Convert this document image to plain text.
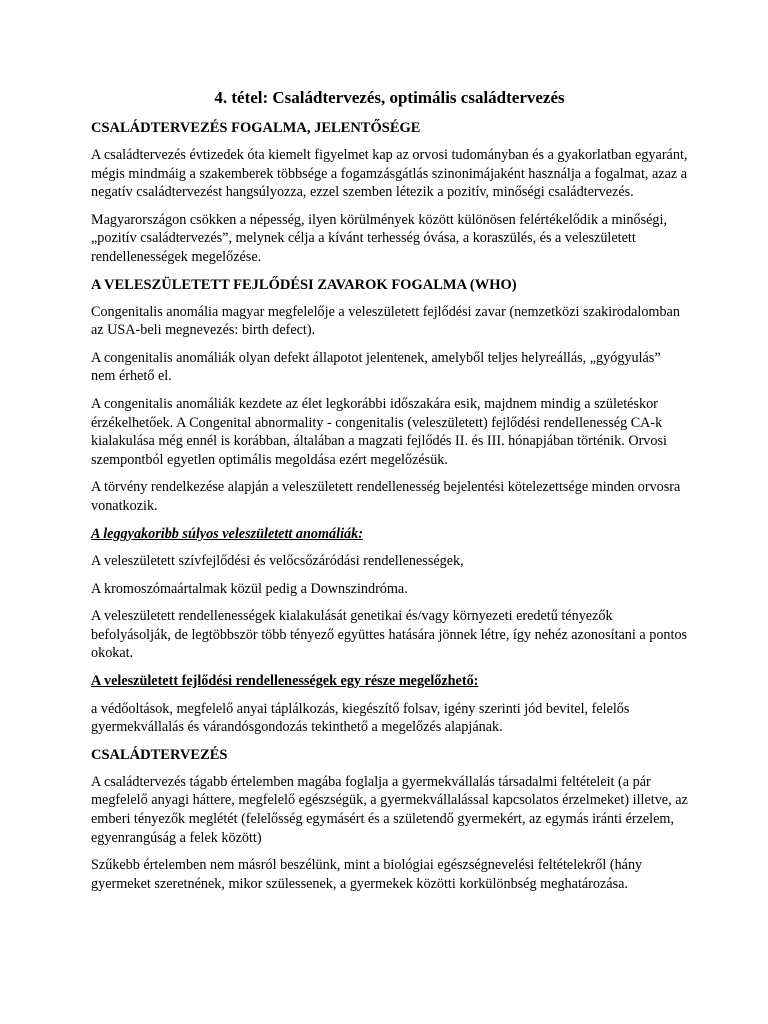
4. tétel: Családtervezés, optimális családtervezés
CSALÁDTERVEZÉS FOGALMA, JELENTŐSÉGE
A családtervezés évtizedek óta kiemelt figyelmet kap az orvosi tudományban és a gyakorlatban egyaránt, mégis mindmáig a szakemberek többsége a fogamzásgátlás szinonimájaként használja a fogalmat, azaz a negatív családtervezést hangsúlyozza, ezzel szemben létezik a pozitív, minőségi családtervezés.
Magyarországon csökken a népesség, ilyen körülmények között különösen felértékelődik a minőségi, „pozitív családtervezés”, melynek célja a kívánt terhesség óvása, a koraszülés, és a veleszületett rendellenességek megelőzése.
A VELESZÜLETETT FEJLŐDÉSI ZAVAROK FOGALMA (WHO)
Congenitalis anomália magyar megfelelője a veleszületett fejlődési zavar (nemzetközi szakirodalomban az USA-beli megnevezés: birth defect).
A congenitalis anomáliák olyan defekt állapotot jelentenek, amelyből teljes helyreállás, „gyógyulás” nem érhető el.
A congenitalis anomáliák kezdete az élet legkorábbi időszakára esik, majdnem mindig a születéskor érzékelhetőek. A Congenital abnormality - congenitalis (veleszületett) fejlődési rendellenesség CA-k kialakulása még ennél is korábban, általában a magzati fejlődés II. és III. hónapjában történik. Orvosi szempontból egyetlen optimális megoldása ezért megelőzésük.
A törvény rendelkezése alapján a veleszületett rendellenesség bejelentési kötelezettsége minden orvosra vonatkozik.
A leggyakoribb súlyos veleszületett anomáliák:
A veleszületett szívfejlődési és velőcsőzáródási rendellenességek,
A kromoszómaártalmak közül pedig a Downszindróma.
A veleszületett rendellenességek kialakulását genetikai és/vagy környezeti eredetű tényezők befolyásolják, de legtöbbször több tényező együttes hatására jönnek létre, így nehéz azonosítani a pontos okokat.
A veleszületett fejlődési rendellenességek egy része megelőzhető:
a védőoltások, megfelelő anyai táplálkozás, kiegészítő folsav, igény szerinti jód bevitel, felelős gyermekvállalás és várandósgondozás tekinthető a megelőzés alapjának.
CSALÁDTERVEZÉS
A családtervezés tágabb értelemben magába foglalja a gyermekvállalás társadalmi feltételeit (a pár megfelelő anyagi háttere, megfelelő egészségük, a gyermekvállalással kapcsolatos érzelmeket) illetve, az emberi tényezők meglétét (felelősség egymásért és a születendő gyermekért, az egymás iránti érzelem, egyenrangúság a felek között)
Szűkebb értelemben nem másról beszélünk, mint a biológiai egészségnevelési feltételekről (hány gyermeket szeretnének, mikor szülessenek, a gyermekek közötti korkülönbség meghatározása.
